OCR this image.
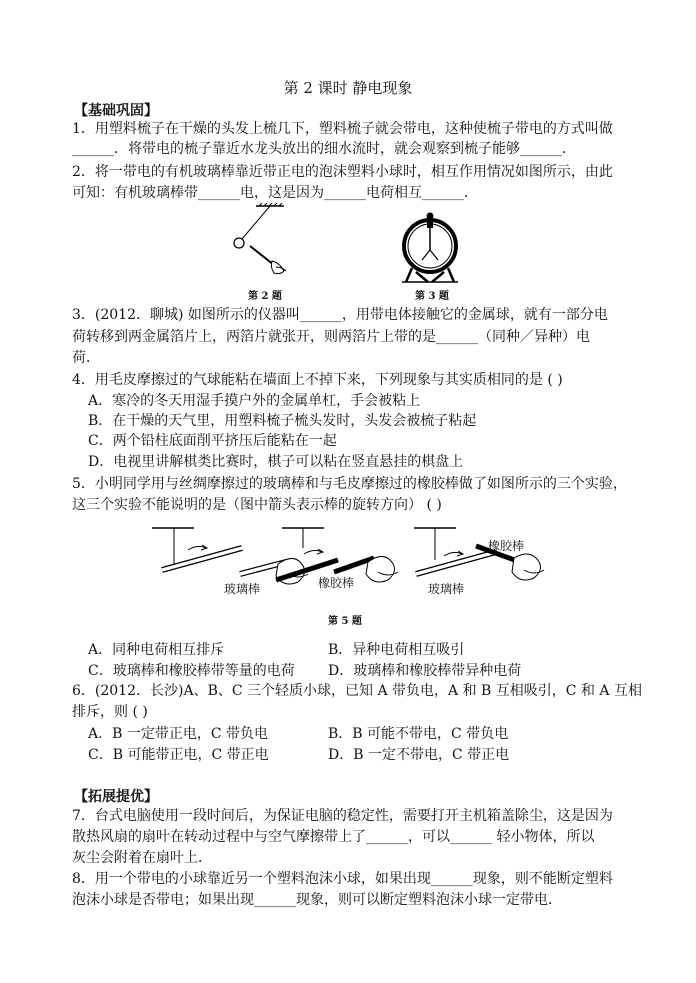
第 2 课时 静电现象
【基础巩固】
1．用塑料梳子在干燥的头发上梳几下，塑料梳子就会带电，这种使梳子带电的方式叫做
______．将带电的梳子靠近水龙头放出的细水流时，就会观察到梳子能够______．
2．将一带电的有机玻璃棒靠近带正电的泡沫塑料小球时，相互作用情况如图所示，由此
可知：有机玻璃棒带______电，这是因为______电荷相互______．
第 2 题	第 3 题
3．(2012．聊城) 如图所示的仪器叫______，用带电体接触它的金属球，就有一部分电
荷转移到两金属箔片上，两箔片就张开，则两箔片上带的是______（同种／异种）电
荷．
4．用毛皮摩擦过的气球能粘在墙面上不掉下来，下列现象与其实质相同的是 ( )
A．寒冷的冬天用湿手摸户外的金属单杠，手会被粘上
B．在干燥的天气里，用塑料梳子梳头发时，头发会被梳子粘起
C．两个铅柱底面削平挤压后能粘在一起
D．电视里讲解棋类比赛时，棋子可以粘在竖直悬挂的棋盘上
5．小明同学用与丝绸摩擦过的玻璃棒和与毛皮摩擦过的橡胶棒做了如图所示的三个实验，
这三个实验不能说明的是（图中箭头表示棒的旋转方向） ( )
玻璃棒	橡胶棒	玻璃棒
橡胶棒
第 5 题
A．同种电荷相互排斥	B．异种电荷相互吸引
C．玻璃棒和橡胶棒带等量的电荷 D．玻璃棒和橡胶棒带异种电荷
6．(2012．长沙)A、B、C 三个轻质小球，已知 A 带负电，A 和 B 互相吸引，C 和 A 互相
排斥，则 ( )
A．B 一定带正电，C 带负电	B．B 可能不带电，C 带负电
C．B 可能带正电，C 带正电	D．B 一定不带电，C 带正电
【拓展提优】
7．台式电脑使用一段时间后，为保证电脑的稳定性，需要打开主机箱盖除尘，这是因为
散热风扇的扇叶在转动过程中与空气摩擦带上了______，可以______ 轻小物体，所以
灰尘会附着在扇叶上．
8．用一个带电的小球靠近另一个塑料泡沫小球，如果出现______现象，则不能断定塑料
泡沫小球是否带电；如果出现______现象，则可以断定塑料泡沫小球一定带电．
